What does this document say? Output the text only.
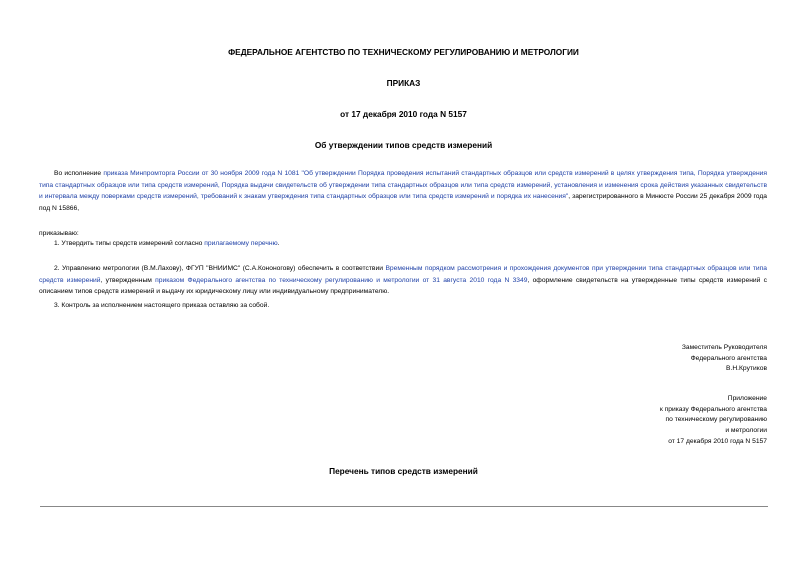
ФЕДЕРАЛЬНОЕ АГЕНТСТВО ПО ТЕХНИЧЕСКОМУ РЕГУЛИРОВАНИЮ И МЕТРОЛОГИИ
ПРИКАЗ
от 17 декабря 2010 года N 5157
Об утверждении типов средств измерений
Во исполнение приказа Минпромторга России от 30 ноября 2009 года N 1081 "Об утверждении Порядка проведения испытаний стандартных образцов или средств измерений в целях утверждения типа, Порядка утверждения типа стандартных образцов или типа средств измерений, Порядка выдачи свидетельств об утверждении типа стандартных образцов или типа средств измерений, установления и изменения срока действия указанных свидетельств и интервала между поверками средств измерений, требований к знакам утверждения типа стандартных образцов или типа средств измерений и порядка их нанесения", зарегистрированного в Минюсте России 25 декабря 2009 года под N 15866,
приказываю:
1. Утвердить типы средств измерений согласно прилагаемому перечню.
2. Управлению метрологии (В.М.Лахову), ФГУП "ВНИИМС" (С.А.Кононогову) обеспечить в соответствии Временным порядком рассмотрения и прохождения документов при утверждении типа стандартных образцов или типа средств измерений, утвержденным приказом Федерального агентства по техническому регулированию и метрологии от 31 августа 2010 года N 3349, оформление свидетельств на утвержденные типы средств измерений с описанием типов средств измерений и выдачу их юридическому лицу или индивидуальному предпринимателю.
3. Контроль за исполнением настоящего приказа оставляю за собой.
Заместитель Руководителя
Федерального агентства
В.Н.Крутиков
Приложение
к приказу Федерального агентства
по техническому регулированию
и метрологии
от 17 декабря 2010 года N 5157
Перечень типов средств измерений
